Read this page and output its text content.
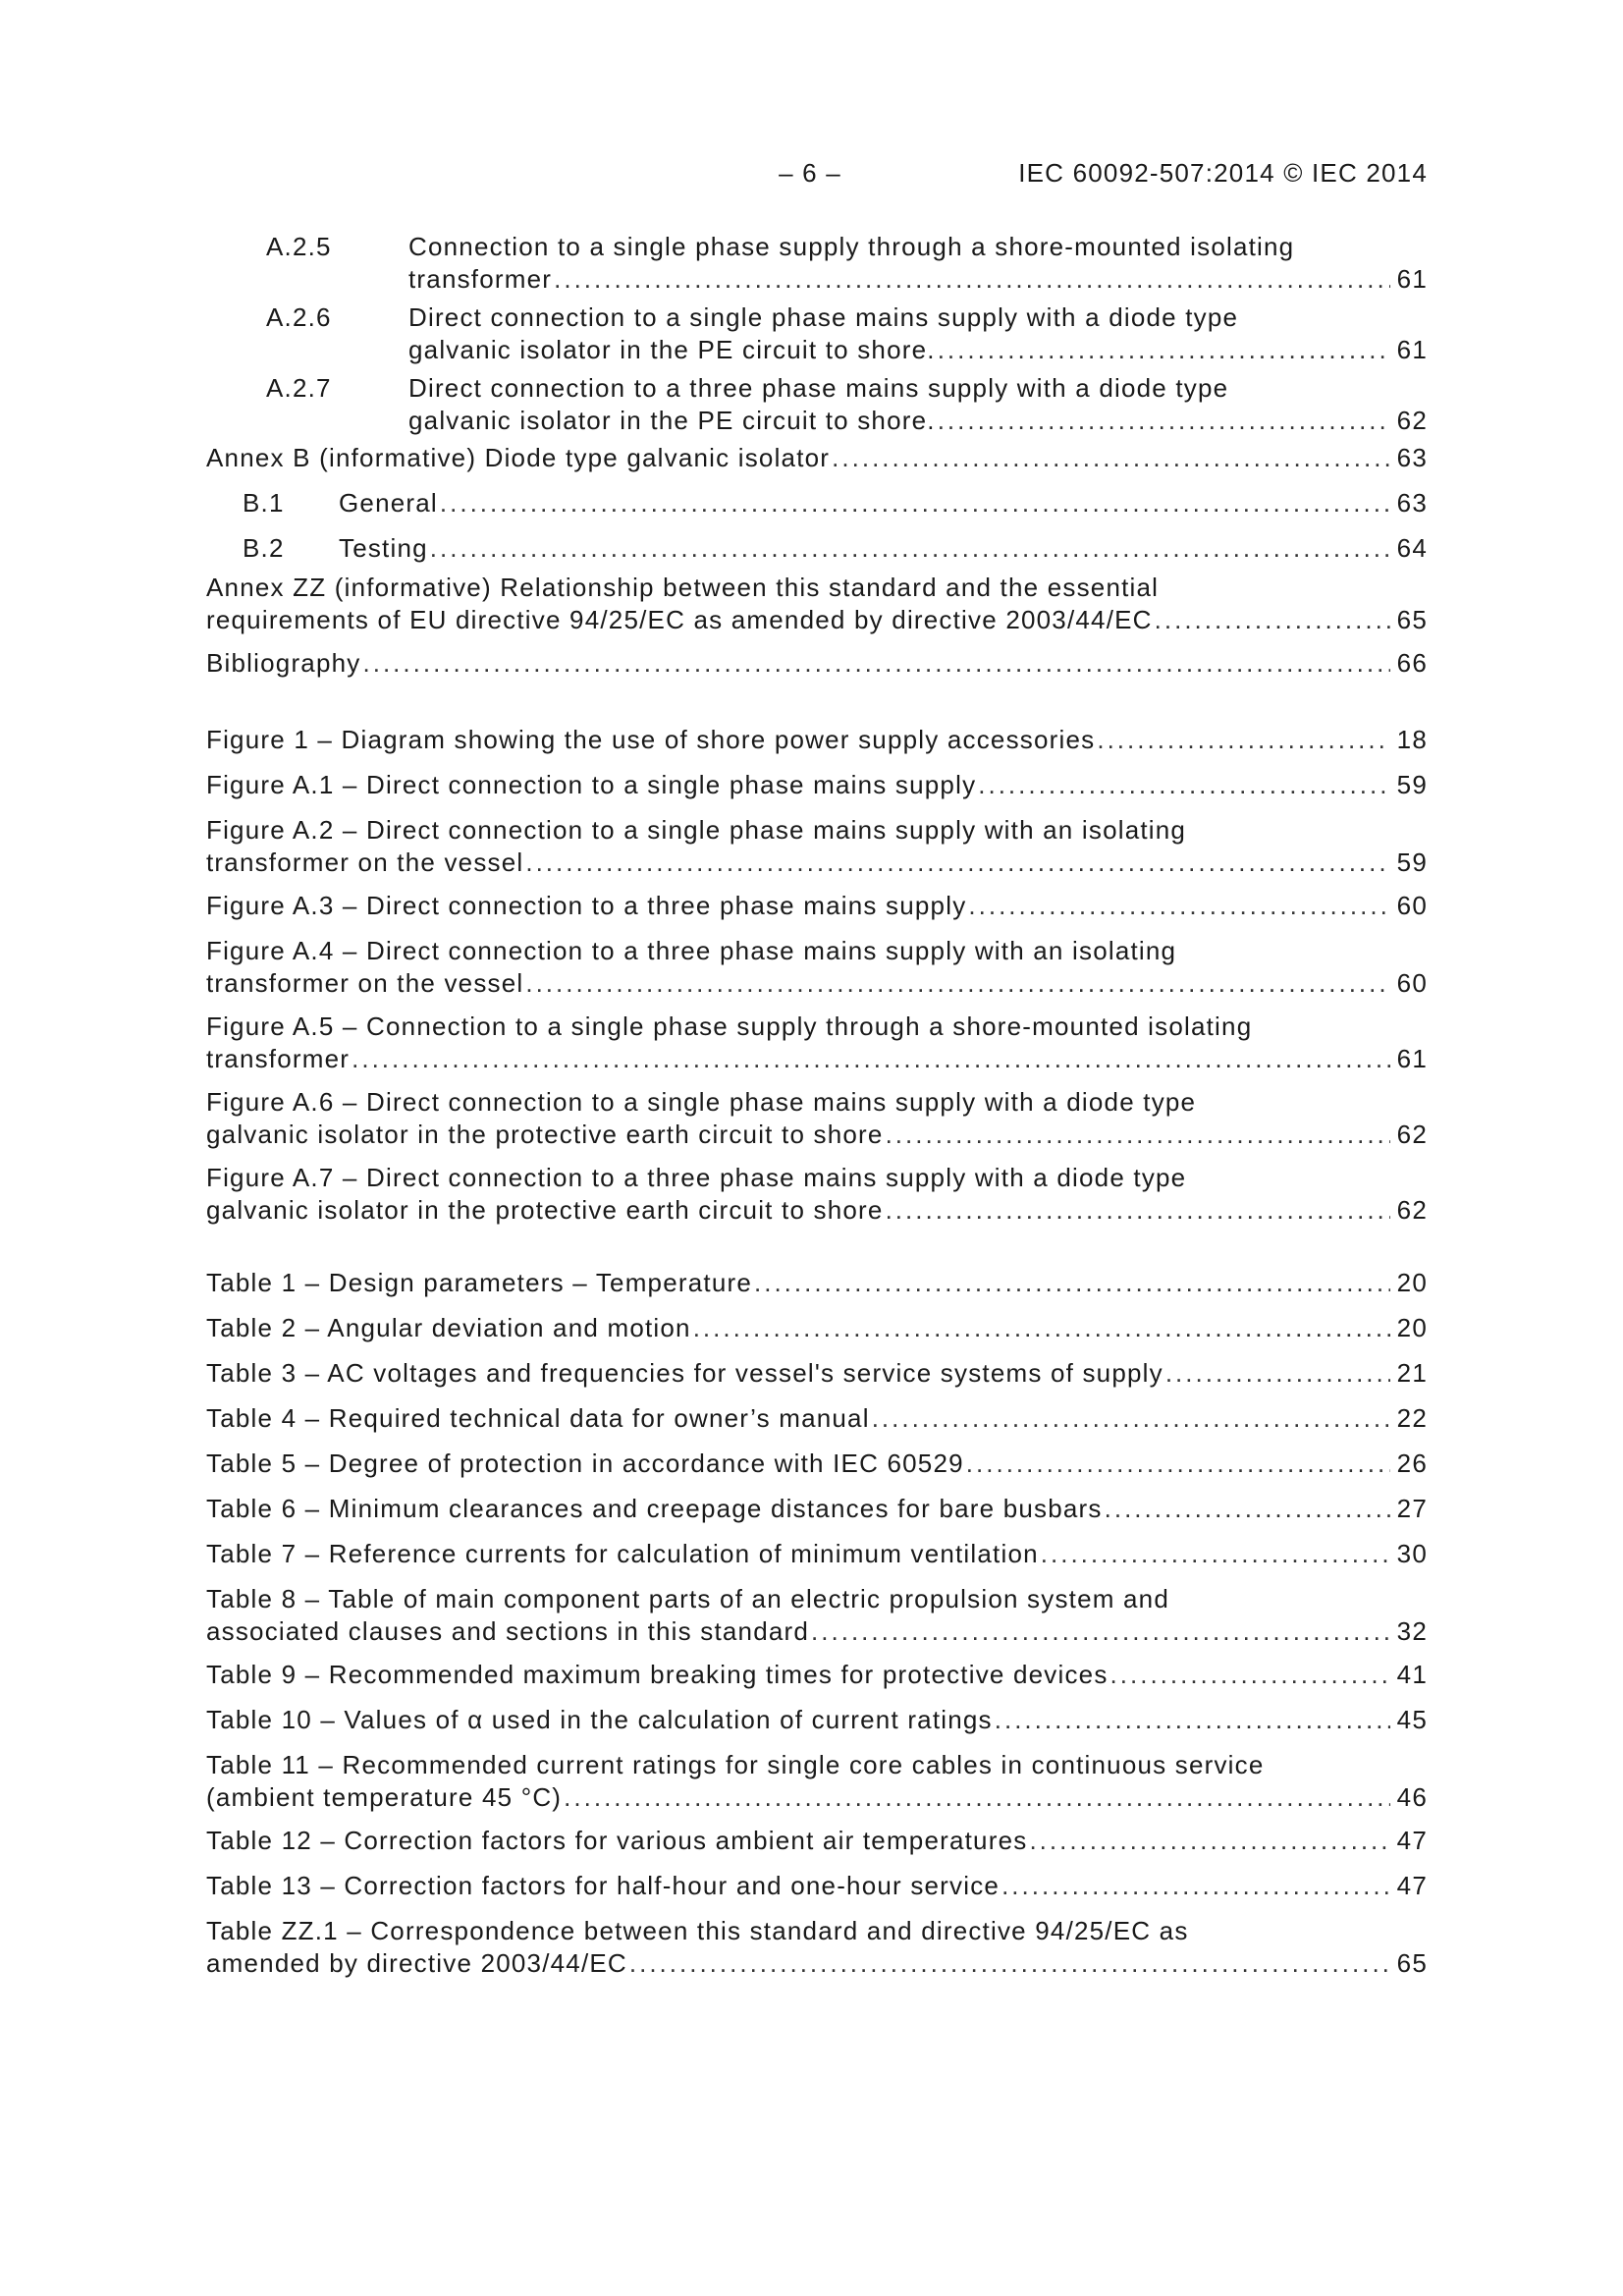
– 6 –	IEC 60092-507:2014 © IEC 2014
A.2.5	Connection to a single phase supply through a shore-mounted isolating
transformer .....	61
A.2.6	Direct connection to a single phase mains supply with a diode type
galvanic isolator in the PE circuit to shore. .....	61
A.2.7	Direct connection to a three phase mains supply with a diode type
galvanic isolator in the PE circuit to shore. .....	62
Annex B (informative) Diode type galvanic isolator .....	63
B.1	General .....	63
B.2	Testing .....	64
Annex ZZ (informative) Relationship between this standard and the essential
requirements of EU directive 94/25/EC as amended by directive 2003/44/EC .....	65
Bibliography .....	66
Figure 1 – Diagram showing the use of shore power supply accessories .....	18
Figure A.1 – Direct connection to a single phase mains supply .....	59
Figure A.2 – Direct connection to a single phase mains supply with an isolating
transformer on the vessel .....	59
Figure A.3 – Direct connection to a three phase mains supply .....	60
Figure A.4 – Direct connection to a three phase mains supply with an isolating
transformer on the vessel .....	60
Figure A.5 – Connection to a single phase supply through a shore-mounted isolating
transformer .....	61
Figure A.6 – Direct connection to a single phase mains supply with a diode type
galvanic isolator in the protective earth circuit to shore .....	62
Figure A.7 – Direct connection to a three phase mains supply with a diode type
galvanic isolator in the protective earth circuit to shore .....	62
Table 1 – Design parameters – Temperature .....	20
Table 2 – Angular deviation and motion .....	20
Table 3 – AC voltages and frequencies for vessel's service systems of supply .....	21
Table 4 – Required technical data for owner’s manual .....	22
Table 5 – Degree of protection in accordance with IEC 60529 .....	26
Table 6 – Minimum clearances and creepage distances for bare busbars .....	27
Table 7 – Reference currents for calculation of minimum ventilation .....	30
Table 8 – Table of main component parts of an electric propulsion system and
associated clauses and sections in this standard .....	32
Table 9 – Recommended maximum breaking times for protective devices .....	41
Table 10 – Values of α used in the calculation of current ratings .....	45
Table 11 – Recommended current ratings for single core cables in continuous service
(ambient temperature 45 °C) .....	46
Table 12 – Correction factors for various ambient air temperatures .....	47
Table 13 – Correction factors for half-hour and one-hour service .....	47
Table ZZ.1 – Correspondence between this standard and directive 94/25/EC as
amended by directive 2003/44/EC .....	65
